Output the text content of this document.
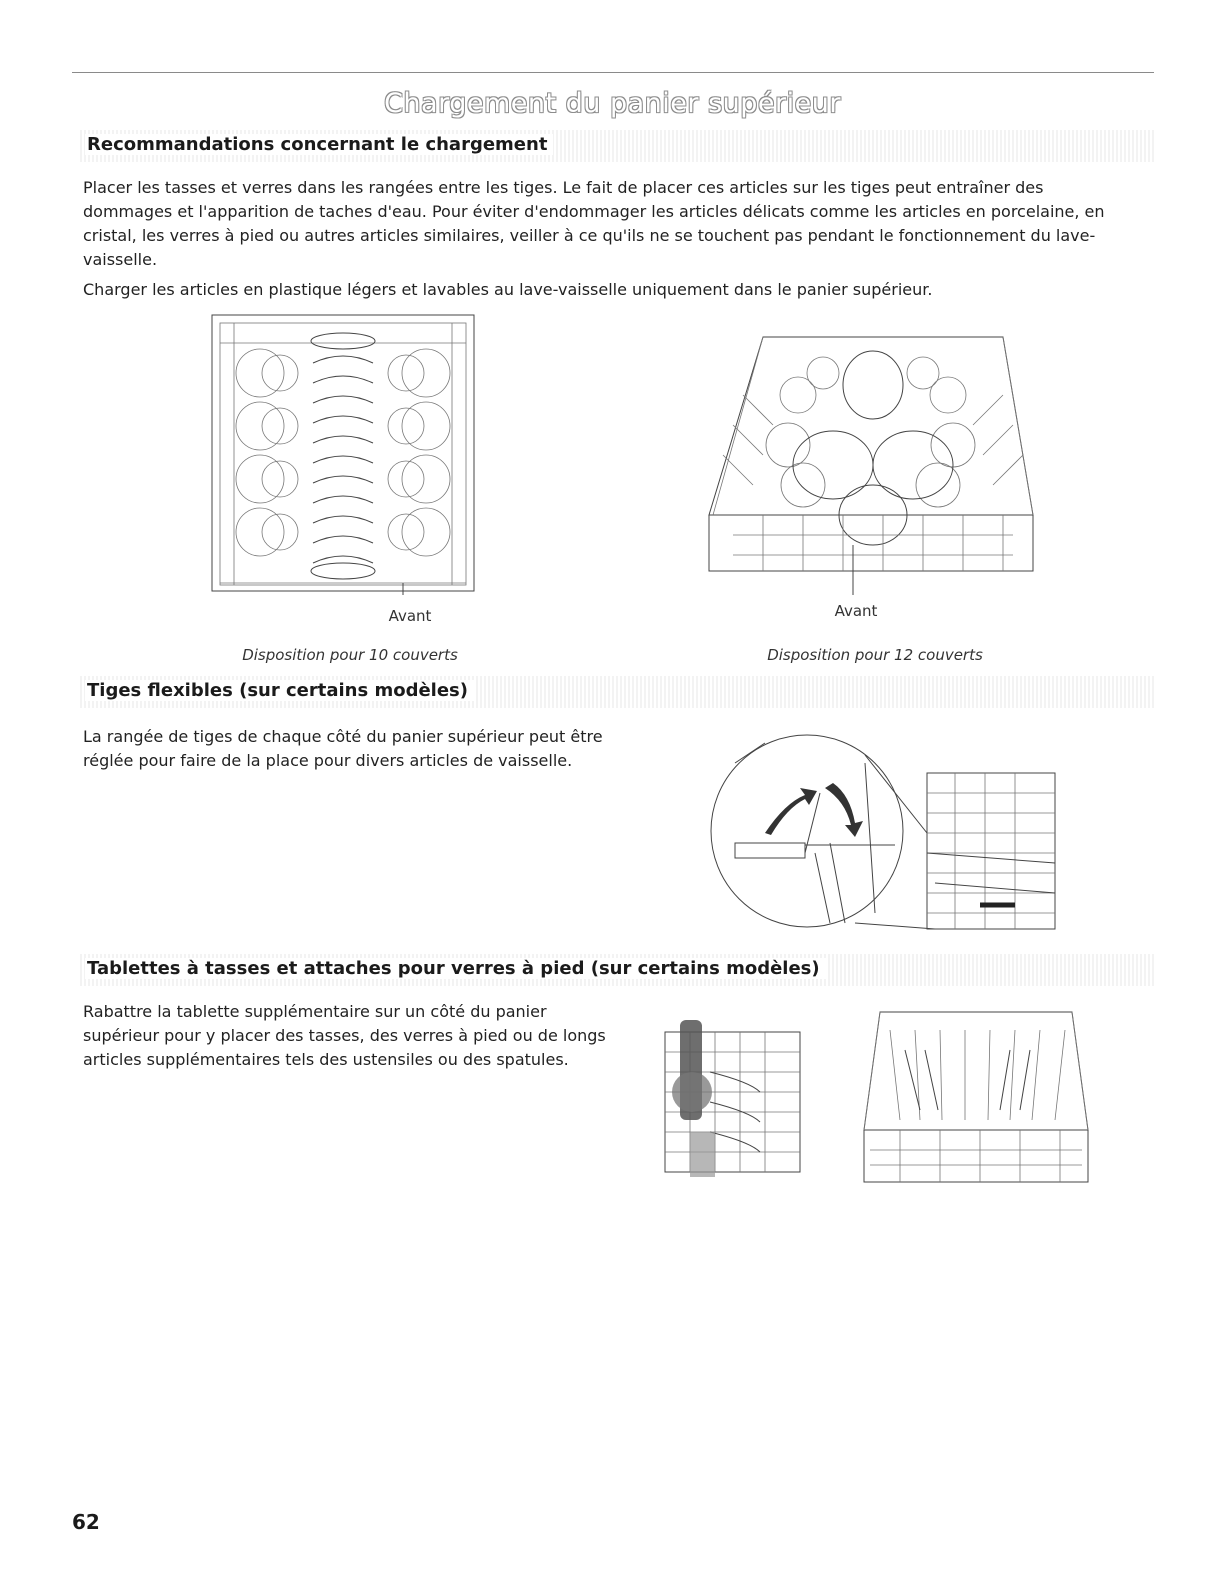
Chargement du panier supérieur
Recommandations concernant le chargement
Placer les tasses et verres dans les rangées entre les tiges. Le fait de placer ces articles sur les tiges peut entraîner des dommages et l'apparition de taches d'eau. Pour éviter d'endommager les articles délicats comme les articles en porcelaine, en cristal, les verres à pied ou autres articles similaires, veiller à ce qu'ils ne se touchent pas pendant le fonctionnement du lave-vaisselle.
Charger les articles en plastique légers et lavables au lave-vaisselle uniquement dans le panier supérieur.
Avant
Disposition pour 10 couverts
Avant
Disposition pour 12 couverts
Tiges flexibles (sur certains modèles)
La rangée de tiges de chaque côté du panier supérieur peut être réglée pour faire de la place pour divers articles de vaisselle.
Tablettes à tasses et attaches pour verres à pied (sur certains modèles)
Rabattre la tablette supplémentaire sur un côté du panier supérieur pour y placer des tasses, des verres à pied ou de longs articles supplémentaires tels des ustensiles ou des spatules.
62
